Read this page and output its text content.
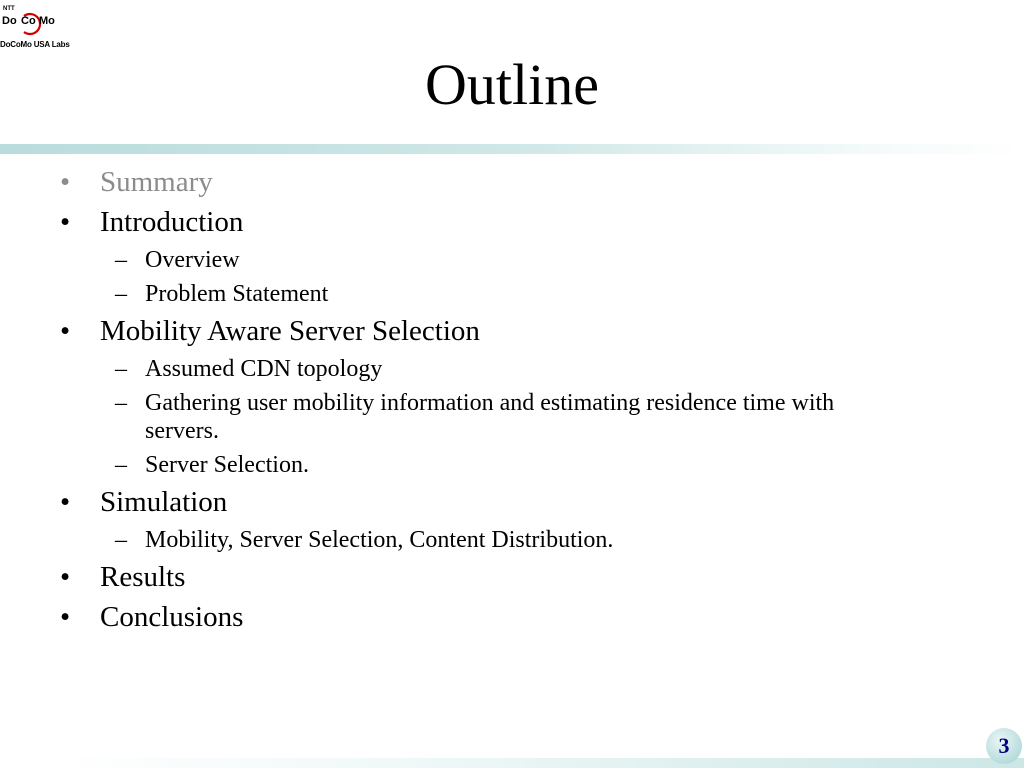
NTT
Do Co Mo
DoCoMo USA Labs
Outline
• Summary
• Introduction
– Overview
– Problem Statement
• Mobility Aware Server Selection
– Assumed CDN topology
– Gathering user mobility information and estimating residence time with
servers.
– Server Selection.
• Simulation
– Mobility, Server Selection, Content Distribution.
• Results
• Conclusions
3
